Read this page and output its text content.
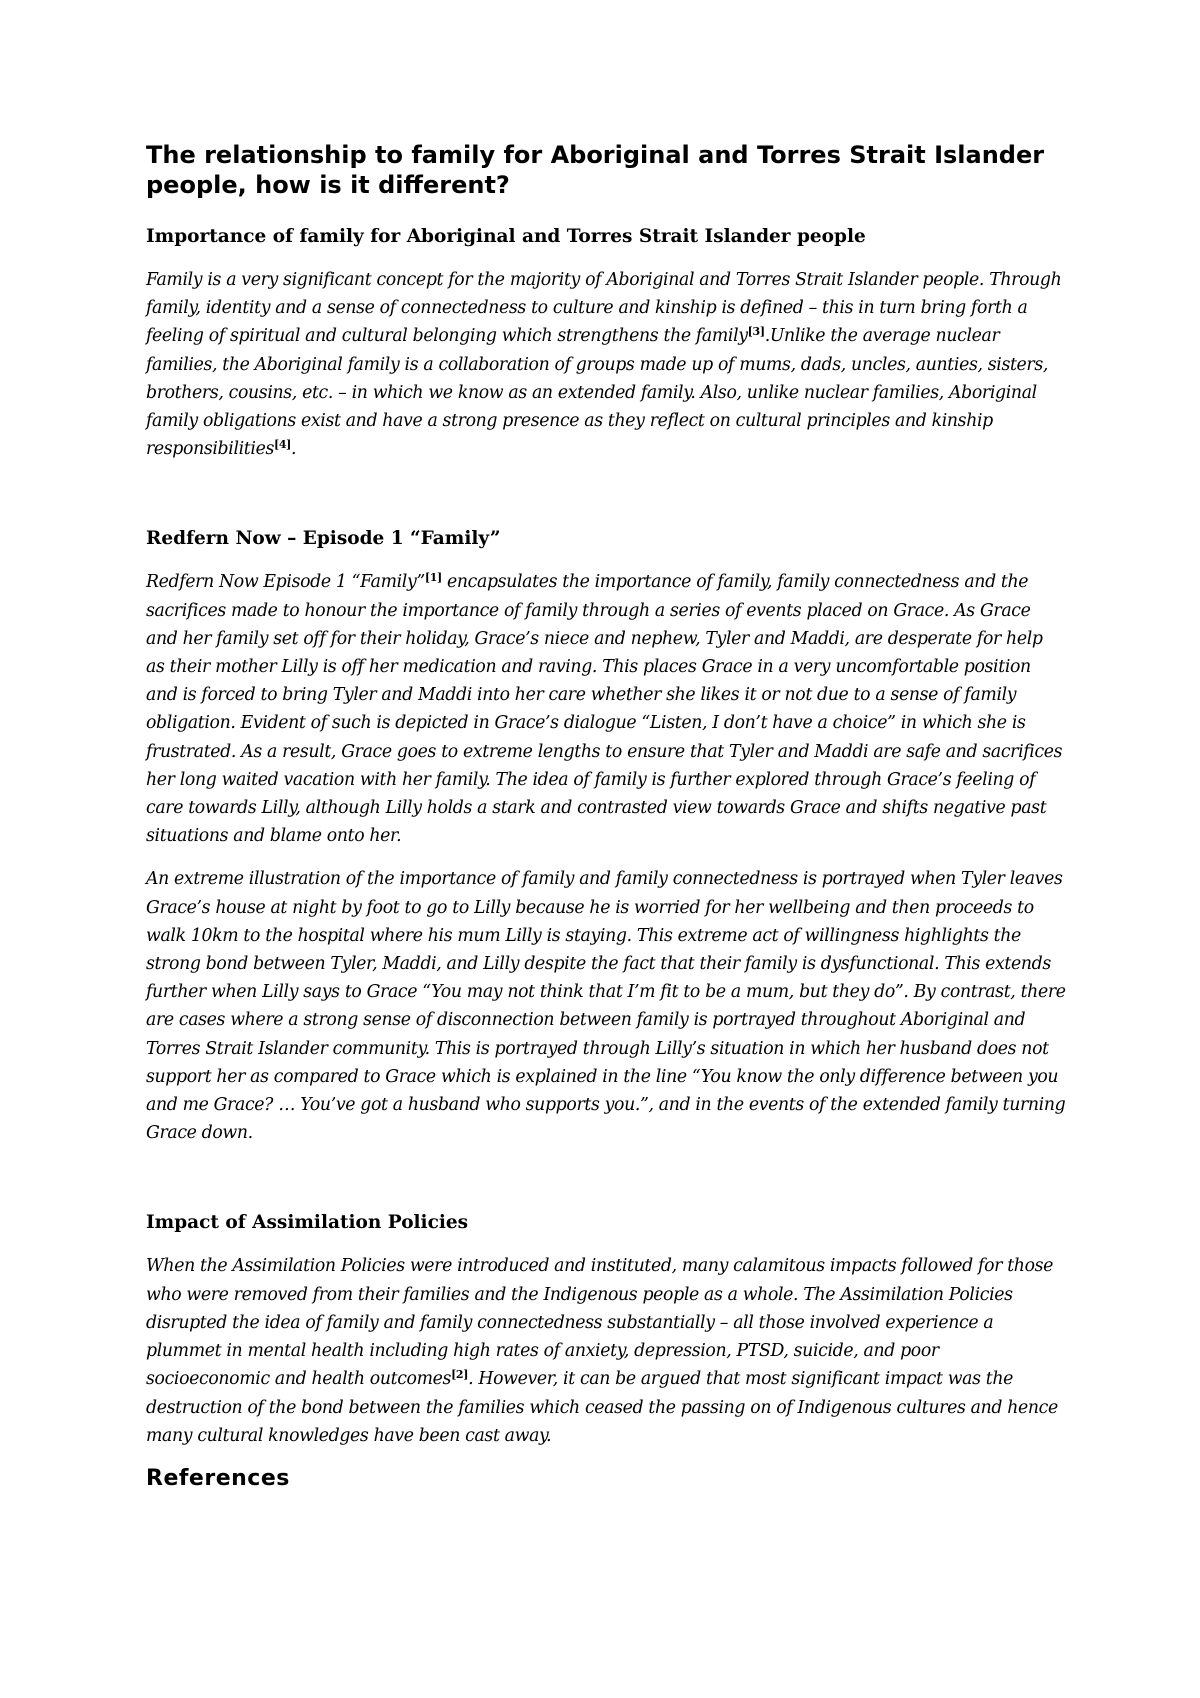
The relationship to family for Aboriginal and Torres Strait Islander people, how is it different?
Importance of family for Aboriginal and Torres Strait Islander people

Family is a very significant concept for the majority of Aboriginal and Torres Strait Islander people. Through family, identity and a sense of connectedness to culture and kinship is defined – this in turn bring forth a feeling of spiritual and cultural belonging which strengthens the family[3].Unlike the average nuclear families, the Aboriginal family is a collaboration of groups made up of mums, dads, uncles, aunties, sisters, brothers, cousins, etc. – in which we know as an extended family. Also, unlike nuclear families, Aboriginal family obligations exist and have a strong presence as they reflect on cultural principles and kinship responsibilities[4].

Redfern Now – Episode 1 “Family”

Redfern Now Episode 1 “Family”[1] encapsulates the importance of family, family connectedness and the sacrifices made to honour the importance of family through a series of events placed on Grace. As Grace and her family set off for their holiday, Grace’s niece and nephew, Tyler and Maddi, are desperate for help as their mother Lilly is off her medication and raving. This places Grace in a very uncomfortable position and is forced to bring Tyler and Maddi into her care whether she likes it or not due to a sense of family obligation. Evident of such is depicted in Grace’s dialogue “Listen, I don’t have a choice” in which she is frustrated. As a result, Grace goes to extreme lengths to ensure that Tyler and Maddi are safe and sacrifices her long waited vacation with her family. The idea of family is further explored through Grace’s feeling of care towards Lilly, although Lilly holds a stark and contrasted view towards Grace and shifts negative past situations and blame onto her.

An extreme illustration of the importance of family and family connectedness is portrayed when Tyler leaves Grace’s house at night by foot to go to Lilly because he is worried for her wellbeing and then proceeds to walk 10km to the hospital where his mum Lilly is staying. This extreme act of willingness highlights the strong bond between Tyler, Maddi, and Lilly despite the fact that their family is dysfunctional. This extends further when Lilly says to Grace “You may not think that I’m fit to be a mum, but they do”. By contrast, there are cases where a strong sense of disconnection between family is portrayed throughout Aboriginal and Torres Strait Islander community. This is portrayed through Lilly’s situation in which her husband does not support her as compared to Grace which is explained in the line “You know the only difference between you and me Grace? … You’ve got a husband who supports you.”, and in the events of the extended family turning Grace down.

Impact of Assimilation Policies

When the Assimilation Policies were introduced and instituted, many calamitous impacts followed for those who were removed from their families and the Indigenous people as a whole. The Assimilation Policies disrupted the idea of family and family connectedness substantially – all those involved experience a plummet in mental health including high rates of anxiety, depression, PTSD, suicide, and poor socioeconomic and health outcomes[2]. However, it can be argued that most significant impact was the destruction of the bond between the families which ceased the passing on of Indigenous cultures and hence many cultural knowledges have been cast away.

References
